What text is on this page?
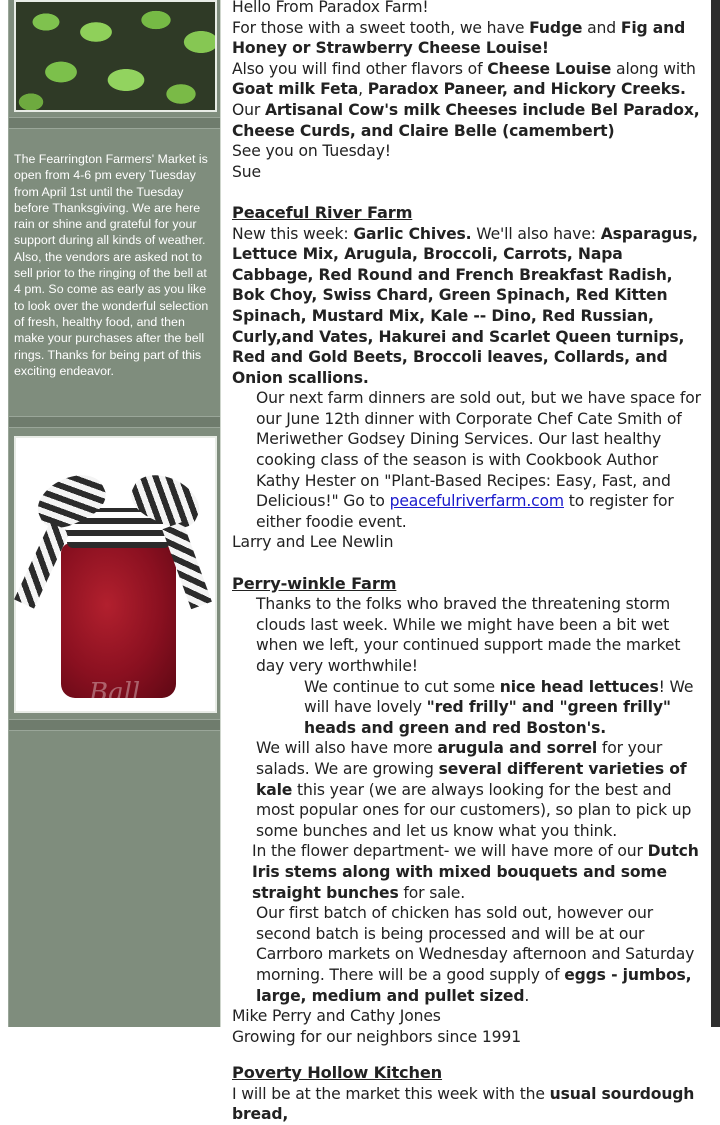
The Fearrington Farmers' Market is open from 4-6 pm every Tuesday from April 1st until the Tuesday before Thanksgiving. We are here rain or shine and grateful for your support during all kinds of weather. Also, the vendors are asked not to sell prior to the ringing of the bell at 4 pm. So come as early as you like to look over the wonderful selection of fresh, healthy food, and then make your purchases after the bell rings. Thanks for being part of this exciting endeavor.
Ball

Hello From Paradox Farm!

For those with a sweet tooth, we have Fudge and Fig and Honey or Strawberry Cheese Louise!

Also you will find other flavors of Cheese Louise along with Goat milk Feta, Paradox Paneer, and Hickory Creeks.

Our Artisanal Cow's milk Cheeses include Bel Paradox, Cheese Curds, and Claire Belle (camembert)

See you on Tuesday!

Sue

Peaceful River Farm

New this week: Garlic Chives. We'll also have: Asparagus, Lettuce Mix, Arugula, Broccoli, Carrots, Napa Cabbage, Red Round and French Breakfast Radish, Bok Choy, Swiss Chard, Green Spinach, Red Kitten Spinach, Mustard Mix, Kale -- Dino, Red Russian, Curly,and Vates, Hakurei and Scarlet Queen turnips, Red and Gold Beets, Broccoli leaves, Collards, and Onion scallions.

Our next farm dinners are sold out, but we have space for our June 12th dinner with Corporate Chef Cate Smith of Meriwether Godsey Dining Services. Our last healthy cooking class of the season is with Cookbook Author Kathy Hester on "Plant-Based Recipes: Easy, Fast, and Delicious!" Go to peacefulriverfarm.com to register for either foodie event.

Larry and Lee Newlin

Perry-winkle Farm

Thanks to the folks who braved the threatening storm clouds last week. While we might have been a bit wet when we left, your continued support made the market day very worthwhile!

We continue to cut some nice head lettuces! We will have lovely "red frilly" and "green frilly" heads and green and red Boston's.

We will also have more arugula and sorrel for your salads. We are growing several different varieties of kale this year (we are always looking for the best and most popular ones for our customers), so plan to pick up some bunches and let us know what you think.

In the flower department- we will have more of our Dutch Iris stems along with mixed bouquets and some straight bunches for sale.

Our first batch of chicken has sold out, however our second batch is being processed and will be at our Carrboro markets on Wednesday afternoon and Saturday morning. There will be a good supply of eggs - jumbos, large, medium and pullet sized.

Mike Perry and Cathy Jones

Growing for our neighbors since 1991

Poverty Hollow Kitchen

I will be at the market this week with the usual sourdough bread,
